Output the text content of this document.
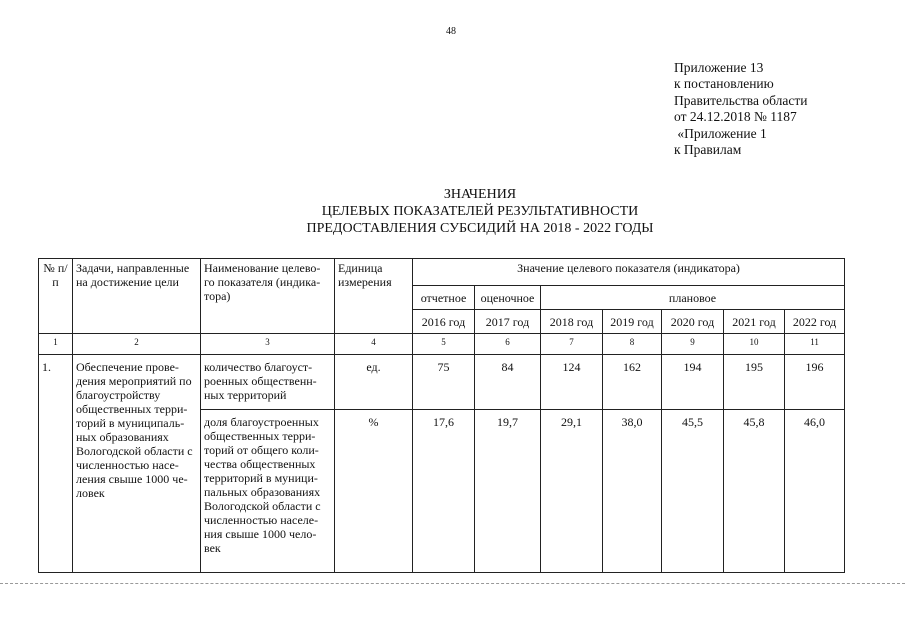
48
Приложение 13
к постановлению
Правительства области
от 24.12.2018 № 1187
«Приложение 1
к Правилам
ЗНАЧЕНИЯ
ЦЕЛЕВЫХ ПОКАЗАТЕЛЕЙ РЕЗУЛЬТАТИВНОСТИ
ПРЕДОСТАВЛЕНИЯ СУБСИДИЙ НА 2018 - 2022 ГОДЫ
№ п/п	Задачи, направленные на достижение цели	Наименование целево-го показателя (индика-тора)	Единица измерения	Значение целевого показателя (индикатора)						
				отчетное	оценочное	плановое				
				2016 год	2017 год	2018 год	2019 год	2020 год	2021 год	2022 год
1	2	3	4	5	6	7	8	9	10	11
1.	Обеспечение прове-дения мероприятий по благоустройству общественных терри-торий в муниципаль-ных образованиях Вологодской области с численностью насе-ления свыше 1000 че-ловек	количество благоуст-роенных общественн-ных территорий	ед.	75	84	124	162	194	195	196
		доля благоустроенных общественных терри-торий от общего коли-чества общественных территорий в муници-пальных образованиях Вологодской области с численностью населе-ния свыше 1000 чело-век	%	17,6	19,7	29,1	38,0	45,5	45,8	46,0
